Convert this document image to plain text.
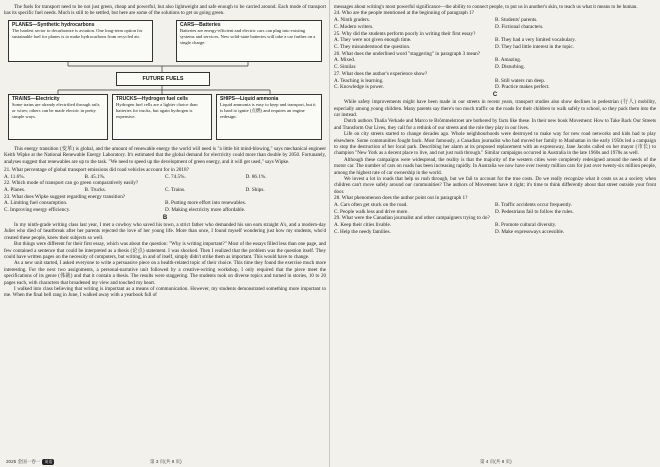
The fuels for transport need to be not just green, cheap and powerful, but also lightweight and safe enough to be carried around. Each mode of transport has its specific fuel needs. Much is still to be settled, but here are some of the solutions to get us going green.

PLANES—Synthetic hydrocarbons
The hardest sector to decarbonize is aviation. One long-term option for sustainable fuel for planes is to make hydrocarbons from recycled air.
CARS—Batteries
Batteries are energy-efficient and electric cars can plug into existing systems and services. New solid-state batteries will take a car farther on a single charge.
FUTURE FUELS
TRAINS—Electricity
Some trains are already electrified through rails or wires; others can be made electric in pretty simple ways.
TRUCKS—Hydrogen fuel cells
Hydrogen fuel cells are a lighter choice than batteries for trucks, but again hydrogen is expensive.
SHIPS—Liquid ammonia
Liquid ammonia is easy to keep and transport, but it is hard to ignite (点燃) and requires an engine redesign.

This energy transition (变革) is global, and the amount of renewable energy the world will need is "a little bit mind-blowing," says mechanical engineer Keith Wipke at the National Renewable Energy Laboratory. It's estimated that the global demand for electricity could more than double by 2050. Fortunately, analyses suggest that renewables are up to the task. "We need to speed up the development of green energy, and it will get used," says Wipke.

21. What percentage of global transport emissions did road vehicles account for in 2018?

A. 11.6%.	B. 45.1%.	C. 74.5%.	D. 86.1%.

22. Which mode of transport can go green comparatively easily?

A. Planes.	B. Trucks.	C. Trains.	D. Ships.

23. What does Wipke suggest regarding energy transition?

A. Limiting fuel consumption.	B. Putting more effort into renewables.
C. Improving energy efficiency.	D. Making electricity more affordable.
B

In my ninth-grade writing class last year, I met a cowboy who saved his town, a strict father who demanded his son earn straight A's, and a modern-day Juliet who died of heartbreak after her parents rejected the love of her young life. More than once, I found myself wondering just how my students, who'd created these people, knew their subjects so well.

But things were different for their first essay, which was about the question: "Why is writing important?" Most of the essays filled less than one page, and few contained a sentence that could be interpreted as a thesis (论点) statement. I was shocked. Then I realized that the problem was the question itself. They could have written pages on the necessity of computers, but writing, in and of itself, simply didn't strike them as important. This would have to change.

As a new unit started, I asked everyone to write a persuasive piece on a health-related topic of their choice. This time they found the exercise much more interesting. For the next two assignments, a personal-narrative unit followed by a creative-writing workshop, I only required that the piece meet the specifications of its genre (体裁) and that it contain a thesis. The results were staggering. The students took on diverse topics and turned in stories, 10 to 20 pages each, with characters that broadened my view and touched my heart.

I walked into class believing that writing is important as a means of communication. However, my students demonstrated something more important to me. When the final bell rang in June, I walked away with a yearbook full of

2025 金国一卷一 英语	第 3 页(共 8 页)

messages about writing's most powerful significance—the ability to connect people, to put us in another's skin, to teach us what it means to be human.

24. Who are the people mentioned at the beginning of paragraph 1?

A. Ninth graders.	B. Students' parents.
C. Modern writers.	D. Fictional characters.

25. Why did the students perform poorly in writing their first essay?

A. They were not given enough time.	B. They had a very limited vocabulary.
C. They misunderstood the question.	D. They had little interest in the topic.

26. What does the underlined word "staggering" in paragraph 3 mean?

A. Mixed.	B. Amazing.
C. Similar.	D. Disturbing.

27. What does the author's experience show?

A. Teaching is learning.	B. Still waters run deep.
C. Knowledge is power.	D. Practice makes perfect.
C

While safety improvements might have been made in our streets in recent years, transport studies also show declines in pedestrian (行人) mobility, especially among young children. Many parents say there's too much traffic on the roads for their children to walk safely to school, so they pack them into the car instead.

Dutch authors Thalia Verkade and Marco te Brömmelstroet are bothered by facts like these. In their new book Movement: How to Take Back Our Streets and Transform Our Lives, they call for a rethink of our streets and the role they play in our lives.

Life on city streets started to change decades ago. Whole neighbourhoods were destroyed to make way for new road networks and kids had to play elsewhere. Some communities fought back. Most famously, a Canadian journalist who had moved her family to Manhattan in the early 1950s led a campaign to stop the destruction of her local park. Describing her alarm at its proposed replacement with an expressway, Jane Jacobs called on her mayor (市长) to champion "New York as a decent place to live, and not just rush through." Similar campaigns occurred in Australia in the late 1960s and 1970s as well.

Although these campaigns were widespread, the reality is that the majority of the western cities were completely redesigned around the needs of the motor car. The number of cars on roads has been increasing rapidly. In Australia we now have over twenty million cars for just over twenty-six million people, among the highest rate of car ownership in the world.

We invest a lot in roads that help us rush through, but we fail to account for the true costs. Do we really recognize what it costs us as a society when children can't move safely around our communities? The authors of Movement have it right; it's time to think differently about that street outside your front door.

28. What phenomenon does the author point out in paragraph 1?

A. Cars often get stuck on the road.	B. Traffic accidents occur frequently.
C. People walk less and drive more.	D. Pedestrians fail to follow the rules.

29. What were the Canadian journalist and other campaigners trying to do?

A. Keep their cities livable.	B. Promote cultural diversity.
C. Help the needy families.	D. Make expressways accessible.
第 4 页(共 8 页)
